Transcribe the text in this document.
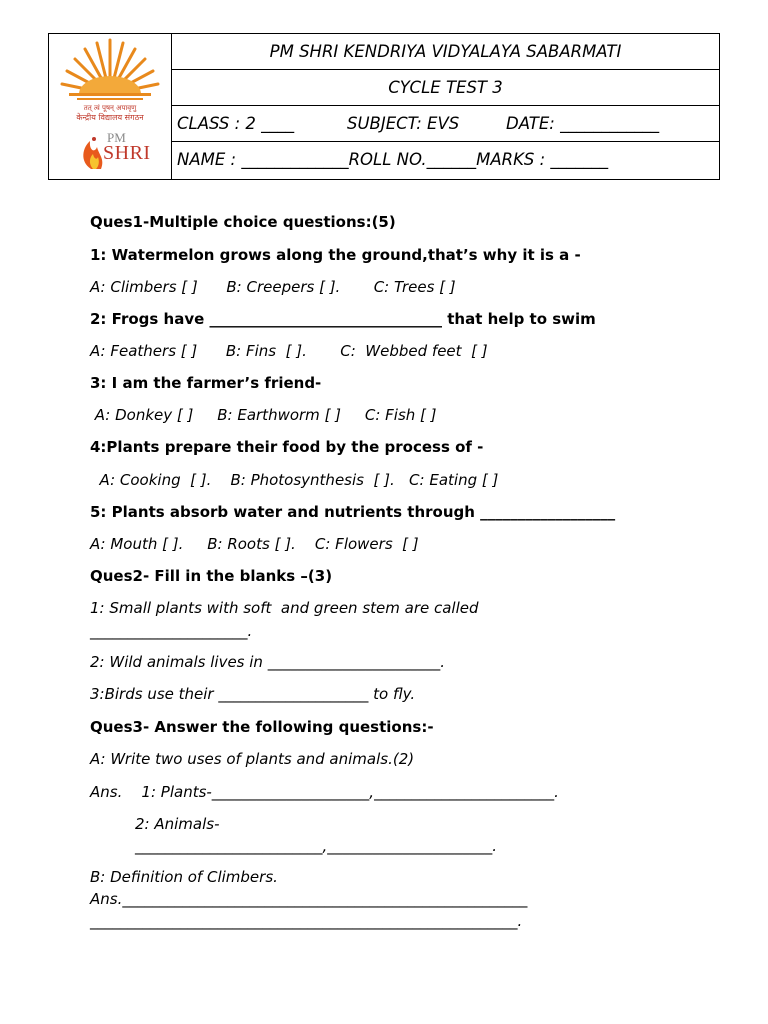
तत् त्वं पूषन् अपावृणु
केन्द्रीय विद्यालय संगठन
PM
SHRI
PM SHRI KENDRIYA VIDYALAYA SABARMATI
CYCLE TEST 3
CLASS : 2 ____	SUBJECT: EVS	DATE: ____________
NAME : _____________ROLL NO.______MARKS : _______
Ques1-Multiple choice questions:(5)
1: Watermelon grows along the ground,that’s why it is a -
A: Climbers [ ]      B: Creepers [ ].       C: Trees [ ]
2: Frogs have _______________________________ that help to swim
A: Feathers [ ]      B: Fins  [ ].       C:  Webbed feet  [ ]
3: I am the farmer’s friend-
A: Donkey [ ]     B: Earthworm [ ]     C: Fish [ ]
4:Plants prepare their food by the process of -
A: Cooking  [ ].    B: Photosynthesis  [ ].   C: Eating [ ]
5: Plants absorb water and nutrients through __________________
A: Mouth [ ].     B: Roots [ ].    C: Flowers  [ ]
Ques2- Fill in the blanks –(3)
1: Small plants with soft  and green stem are called
_____________________.
2: Wild animals lives in _______________________.
3:Birds use their ____________________ to fly.
Ques3- Answer the following questions:-
A: Write two uses of plants and animals.(2)
Ans.    1: Plants-_____________________,________________________.
2: Animals-
_________________________,______________________.
B: Definition of Climbers.
Ans.______________________________________________________
_________________________________________________________.
